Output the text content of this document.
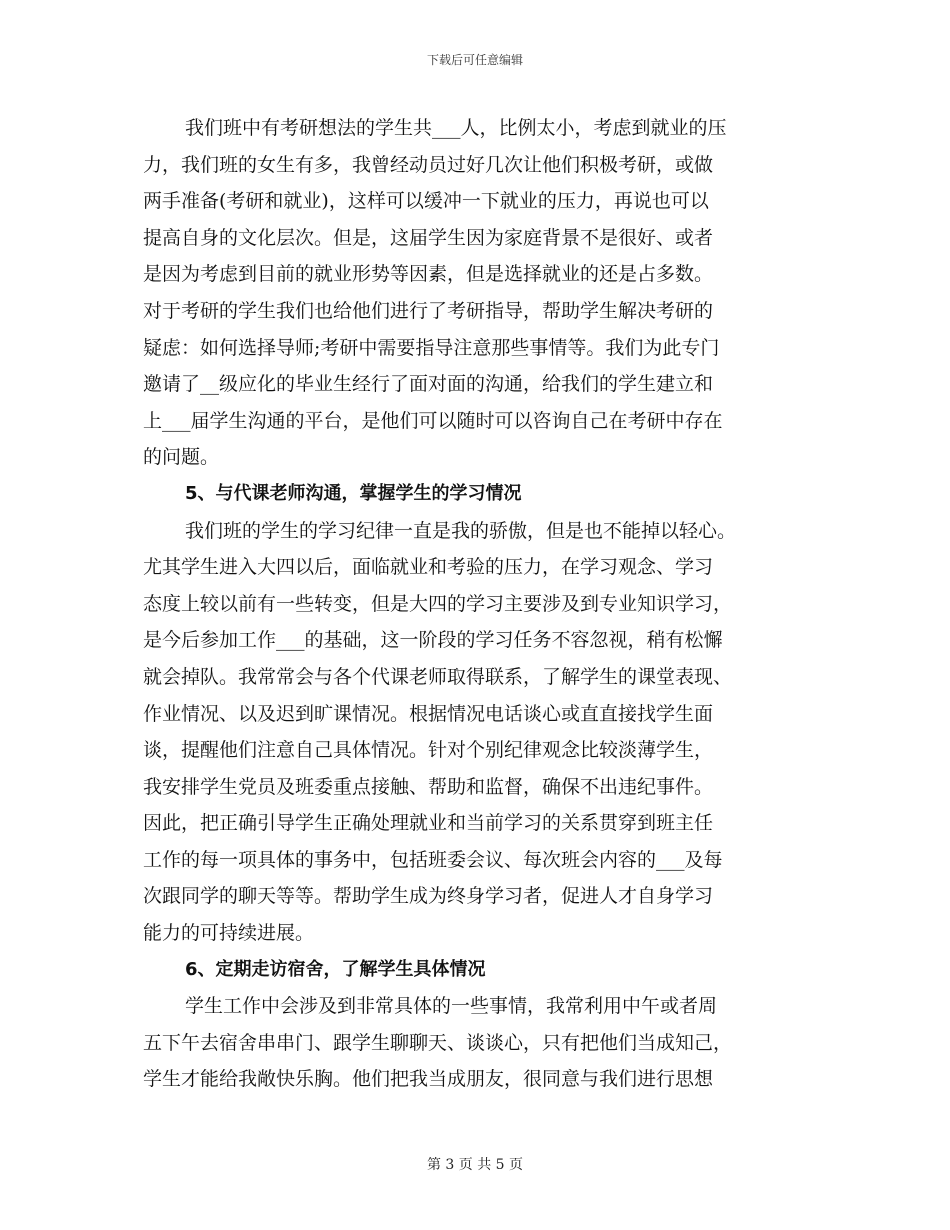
下载后可任意编辑
我们班中有考研想法的学生共___人，比例太小，考虑到就业的压
力，我们班的女生有多，我曾经动员过好几次让他们积极考研，或做
两手准备(考研和就业)，这样可以缓冲一下就业的压力，再说也可以
提高自身的文化层次。但是，这届学生因为家庭背景不是很好、或者
是因为考虑到目前的就业形势等因素，但是选择就业的还是占多数。
对于考研的学生我们也给他们进行了考研指导，帮助学生解决考研的
疑虑：如何选择导师;考研中需要指导注意那些事情等。我们为此专门
邀请了__级应化的毕业生经行了面对面的沟通，给我们的学生建立和
上___届学生沟通的平台，是他们可以随时可以咨询自己在考研中存在
的问题。
5、与代课老师沟通，掌握学生的学习情况
我们班的学生的学习纪律一直是我的骄傲，但是也不能掉以轻心。
尤其学生进入大四以后，面临就业和考验的压力，在学习观念、学习
态度上较以前有一些转变，但是大四的学习主要涉及到专业知识学习，
是今后参加工作___的基础，这一阶段的学习任务不容忽视，稍有松懈
就会掉队。我常常会与各个代课老师取得联系，了解学生的课堂表现、
作业情况、以及迟到旷课情况。根据情况电话谈心或直直接找学生面
谈，提醒他们注意自己具体情况。针对个别纪律观念比较淡薄学生，
我安排学生党员及班委重点接触、帮助和监督，确保不出违纪事件。
因此，把正确引导学生正确处理就业和当前学习的关系贯穿到班主任
工作的每一项具体的事务中，包括班委会议、每次班会内容的___及每
次跟同学的聊天等等。帮助学生成为终身学习者，促进人才自身学习
能力的可持续进展。
6、定期走访宿舍，了解学生具体情况
学生工作中会涉及到非常具体的一些事情，我常利用中午或者周
五下午去宿舍串串门、跟学生聊聊天、谈谈心，只有把他们当成知己，
学生才能给我敞快乐胸。他们把我当成朋友，很同意与我们进行思想
第 3 页 共 5 页
